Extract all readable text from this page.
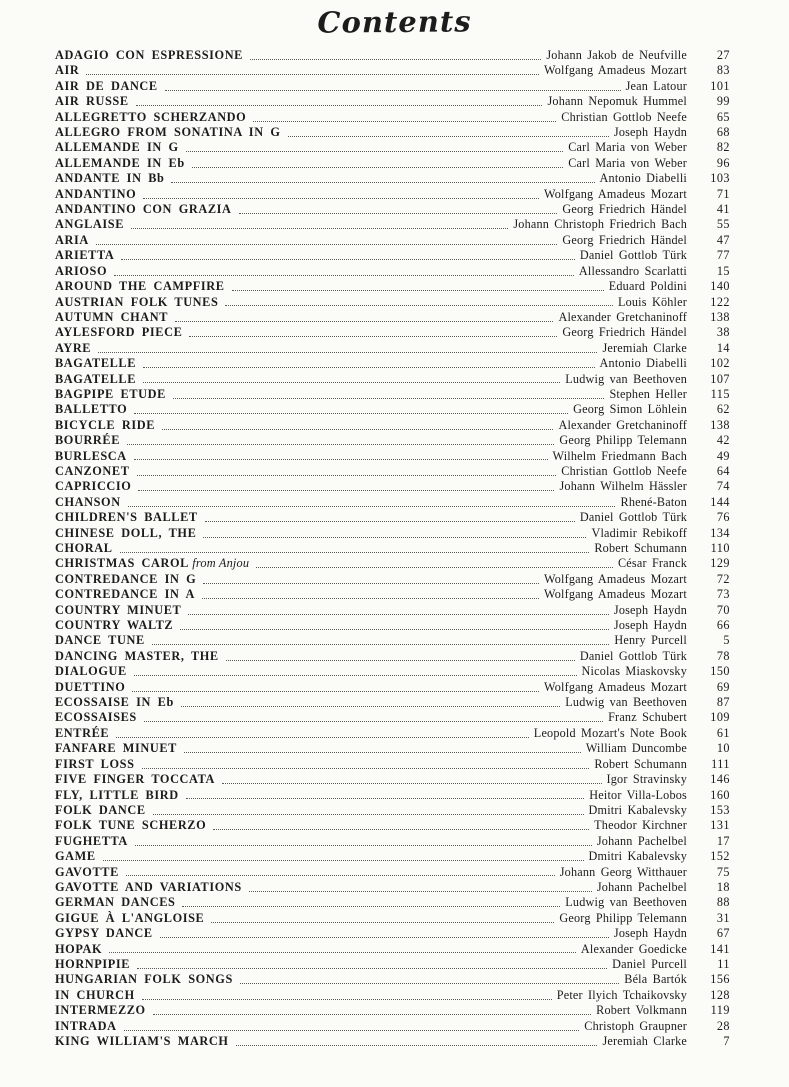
Contents
ADAGIO CON ESPRESSIONE	Johann Jakob de Neufville	27
AIR	Wolfgang Amadeus Mozart	83
AIR DE DANCE	Jean Latour	101
AIR RUSSE	Johann Nepomuk Hummel	99
ALLEGRETTO SCHERZANDO	Christian Gottlob Neefe	65
ALLEGRO FROM SONATINA IN G	Joseph Haydn	68
ALLEMANDE IN G	Carl Maria von Weber	82
ALLEMANDE IN Eb	Carl Maria von Weber	96
ANDANTE IN Bb	Antonio Diabelli	103
ANDANTINO	Wolfgang Amadeus Mozart	71
ANDANTINO CON GRAZIA	Georg Friedrich Händel	41
ANGLAISE	Johann Christoph Friedrich Bach	55
ARIA	Georg Friedrich Händel	47
ARIETTA	Daniel Gottlob Türk	77
ARIOSO	Allessandro Scarlatti	15
AROUND THE CAMPFIRE	Eduard Poldini	140
AUSTRIAN FOLK TUNES	Louis Köhler	122
AUTUMN CHANT	Alexander Gretchaninoff	138
AYLESFORD PIECE	Georg Friedrich Händel	38
AYRE	Jeremiah Clarke	14
BAGATELLE	Antonio Diabelli	102
BAGATELLE	Ludwig van Beethoven	107
BAGPIPE ETUDE	Stephen Heller	115
BALLETTO	Georg Simon Löhlein	62
BICYCLE RIDE	Alexander Gretchaninoff	138
BOURRÉE	Georg Philipp Telemann	42
BURLESCA	Wilhelm Friedmann Bach	49
CANZONET	Christian Gottlob Neefe	64
CAPRICCIO	Johann Wilhelm Hässler	74
CHANSON	Rhené-Baton	144
CHILDREN'S BALLET	Daniel Gottlob Türk	76
CHINESE DOLL, THE	Vladimir Rebikoff	134
CHORAL	Robert Schumann	110
CHRISTMAS CAROL from Anjou	César Franck	129
CONTREDANCE IN G	Wolfgang Amadeus Mozart	72
CONTREDANCE IN A	Wolfgang Amadeus Mozart	73
COUNTRY MINUET	Joseph Haydn	70
COUNTRY WALTZ	Joseph Haydn	66
DANCE TUNE	Henry Purcell	5
DANCING MASTER, THE	Daniel Gottlob Türk	78
DIALOGUE	Nicolas Miaskovsky	150
DUETTINO	Wolfgang Amadeus Mozart	69
ECOSSAISE IN Eb	Ludwig van Beethoven	87
ECOSSAISES	Franz Schubert	109
ENTRÉE	Leopold Mozart's Note Book	61
FANFARE MINUET	William Duncombe	10
FIRST LOSS	Robert Schumann	111
FIVE FINGER TOCCATA	Igor Stravinsky	146
FLY, LITTLE BIRD	Heitor Villa-Lobos	160
FOLK DANCE	Dmitri Kabalevsky	153
FOLK TUNE SCHERZO	Theodor Kirchner	131
FUGHETTA	Johann Pachelbel	17
GAME	Dmitri Kabalevsky	152
GAVOTTE	Johann Georg Witthauer	75
GAVOTTE AND VARIATIONS	Johann Pachelbel	18
GERMAN DANCES	Ludwig van Beethoven	88
GIGUE À L'ANGLOISE	Georg Philipp Telemann	31
GYPSY DANCE	Joseph Haydn	67
HOPAK	Alexander Goedicke	141
HORNPIPIE	Daniel Purcell	11
HUNGARIAN FOLK SONGS	Béla Bartók	156
IN CHURCH	Peter Ilyich Tchaikovsky	128
INTERMEZZO	Robert Volkmann	119
INTRADA	Christoph Graupner	28
KING WILLIAM'S MARCH	Jeremiah Clarke	7
